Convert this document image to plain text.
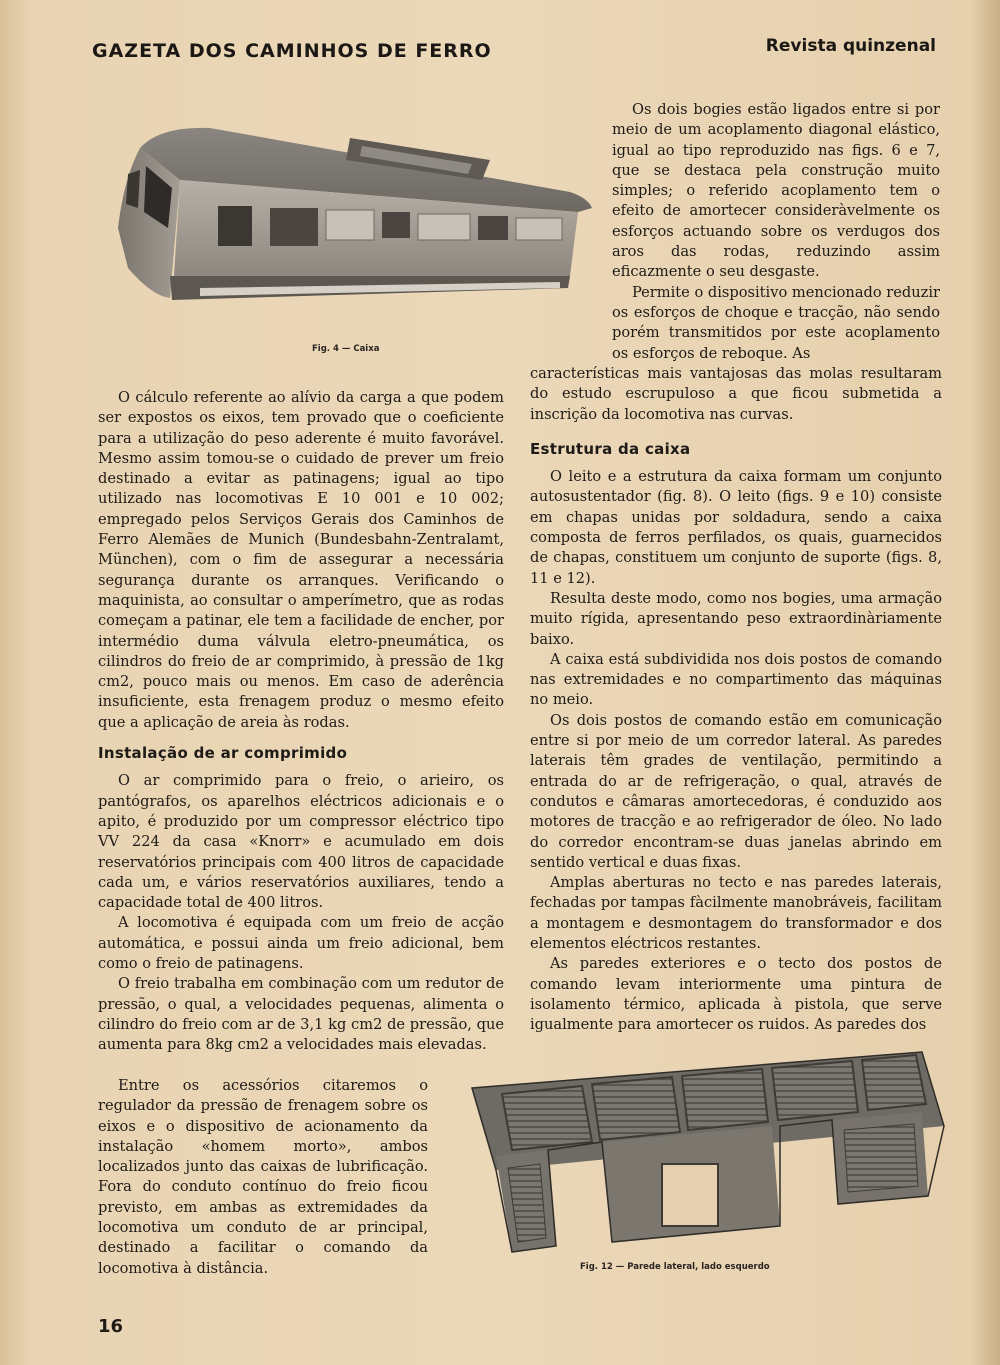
GAZETA DOS CAMINHOS DE FERRO	Revista quinzenal
Fig. 4 — Caixa

Os dois bogies estão ligados entre si por meio de um acoplamento diagonal elástico, igual ao tipo reproduzido nas figs. 6 e 7, que se destaca pela construção muito simples; o referido acoplamento tem o efeito de amortecer consideràvelmente os esforços actuando sobre os verdugos dos aros das rodas, reduzindo assim eficazmente o seu desgaste.

Permite o dispositivo mencionado reduzir os esforços de choque e tracção, não sendo porém transmitidos por este acoplamento os esforços de reboque. As

características mais vantajosas das molas resultaram do estudo escrupuloso a que ficou submetida a inscrição da locomotiva nas curvas.

Estrutura da caixa

O leito e a estrutura da caixa formam um conjunto autosustentador (fig. 8). O leito (figs. 9 e 10) consiste em chapas unidas por soldadura, sendo a caixa composta de ferros perfilados, os quais, guarnecidos de chapas, constituem um conjunto de suporte (figs. 8, 11 e 12).

Resulta deste modo, como nos bogies, uma armação muito rígida, apresentando peso extraordinàriamente baixo.

A caixa está subdividida nos dois postos de comando nas extremidades e no compartimento das máquinas no meio.

Os dois postos de comando estão em comunicação entre si por meio de um corredor lateral. As paredes laterais têm grades de ventilação, permitindo a entrada do ar de refrigeração, o qual, através de condutos e câmaras amortecedoras, é conduzido aos motores de tracção e ao refrigerador de óleo. No lado do corredor encontram-se duas janelas abrindo em sentido vertical e duas fixas.

Amplas aberturas no tecto e nas paredes laterais, fechadas por tampas fàcilmente manobráveis, facilitam a montagem e desmontagem do transformador e dos elementos eléctricos restantes.

As paredes exteriores e o tecto dos postos de comando levam interiormente uma pintura de isolamento térmico, aplicada à pistola, que serve igualmente para amortecer os ruidos. As paredes dos

O cálculo referente ao alívio da carga a que podem ser expostos os eixos, tem provado que o coeficiente para a utilização do peso aderente é muito favorável. Mesmo assim tomou-se o cuidado de prever um freio destinado a evitar as patinagens; igual ao tipo utilizado nas locomotivas E 10 001 e 10 002; empregado pelos Serviços Gerais dos Caminhos de Ferro Alemães de Munich (Bundesbahn-Zentralamt, München), com o fim de assegurar a necessária segurança durante os arranques. Verificando o maquinista, ao consultar o amperímetro, que as rodas começam a patinar, ele tem a facilidade de encher, por intermédio duma válvula eletro-pneumática, os cilindros do freio de ar comprimido, à pressão de 1kg cm2, pouco mais ou menos. Em caso de aderência insuficiente, esta frenagem produz o mesmo efeito que a aplicação de areia às rodas.

Instalação de ar comprimido

O ar comprimido para o freio, o arieiro, os pantógrafos, os aparelhos eléctricos adicionais e o apito, é produzido por um compressor eléctrico tipo VV 224 da casa «Knorr» e acumulado em dois reservatórios principais com 400 litros de capacidade cada um, e vários reservatórios auxiliares, tendo a capacidade total de 400 litros.

A locomotiva é equipada com um freio de acção automática, e possui ainda um freio adicional, bem como o freio de patinagens.

O freio trabalha em combinação com um redutor de pressão, o qual, a velocidades pequenas, alimenta o cilindro do freio com ar de 3,1 kg cm2 de pressão, que aumenta para 8kg cm2 a velocidades mais elevadas.

Entre os acessórios citaremos o regulador da pressão de frenagem sobre os eixos e o dispositivo de acionamento da instalação «homem morto», ambos localizados junto das caixas de lubrificação. Fora do conduto contínuo do freio ficou previsto, em ambas as extremidades da locomotiva um conduto de ar principal, destinado a facilitar o comando da locomotiva à distância.	Fig. 12 — Parede lateral, lado esquerdo
16
